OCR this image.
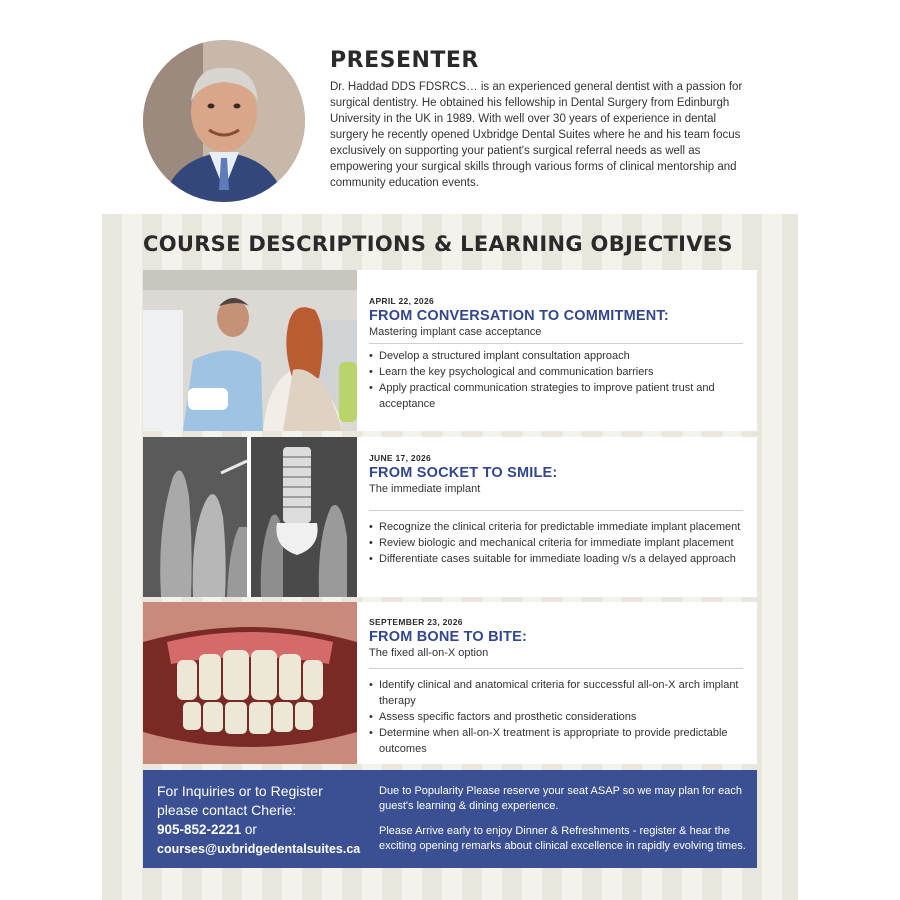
PRESENTER

Dr. Haddad DDS FDSRCS… is an experienced general dentist with a passion for surgical dentistry. He obtained his fellowship in Dental Surgery from Edinburgh University in the UK in 1989. With well over 30 years of experience in dental surgery he recently opened Uxbridge Dental Suites where he and his team focus exclusively on supporting your patient's surgical referral needs as well as empowering your surgical skills through various forms of clinical mentorship and community education events.

COURSE DESCRIPTIONS & LEARNING OBJECTIVES
APRIL 22, 2026
FROM CONVERSATION TO COMMITMENT:
Mastering implant case acceptance
• Develop a structured implant consultation approach
• Learn the key psychological and communication barriers
• Apply practical communication strategies to improve patient trust and acceptance
JUNE 17, 2026
FROM SOCKET TO SMILE:
The immediate implant
• Recognize the clinical criteria for predictable immediate implant placement
• Review biologic and mechanical criteria for immediate implant placement
• Differentiate cases suitable for immediate loading v/s a delayed approach
SEPTEMBER 23, 2026
FROM BONE TO BITE:
The fixed all-on-X option
• Identify clinical and anatomical criteria for successful all-on-X arch implant therapy
• Assess specific factors and prosthetic considerations
• Determine when all-on-X treatment is appropriate to provide predictable outcomes
For Inquiries or to Register
please contact Cherie:
905-852-2221 or
courses@uxbridgedentalsuites.ca

Due to Popularity Please reserve your seat ASAP so we may plan for each guest's learning & dining experience.

Please Arrive early to enjoy Dinner & Refreshments - register & hear the exciting opening remarks about clinical excellence in rapidly evolving times.
